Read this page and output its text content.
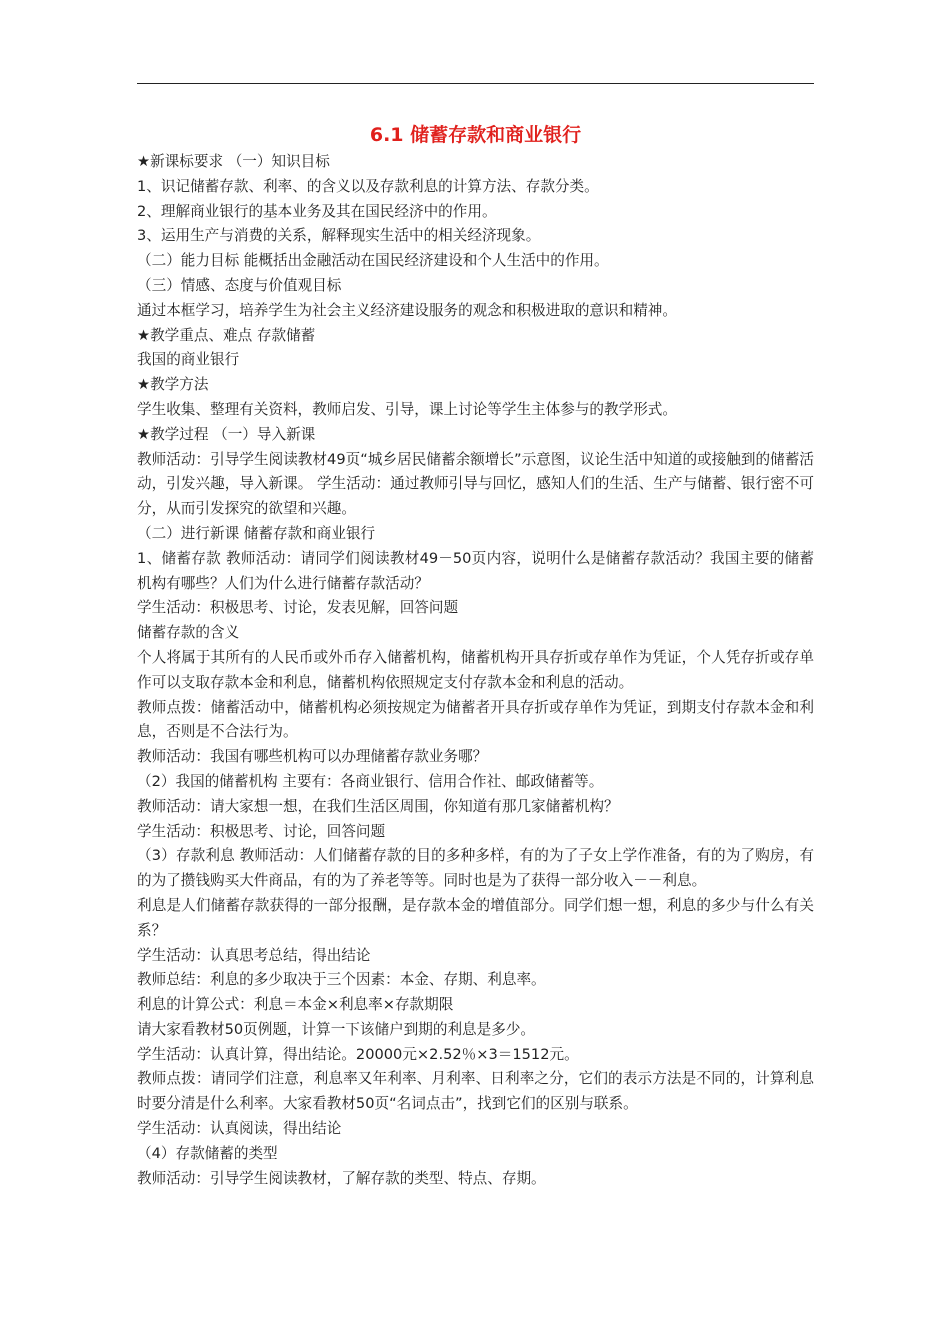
6.1 储蓄存款和商业银行

★新课标要求 （一）知识目标

1、识记储蓄存款、利率、的含义以及存款利息的计算方法、存款分类。

2、理解商业银行的基本业务及其在国民经济中的作用。

3、运用生产与消费的关系，解释现实生活中的相关经济现象。

（二）能力目标 能概括出金融活动在国民经济建设和个人生活中的作用。

（三）情感、态度与价值观目标

通过本框学习，培养学生为社会主义经济建设服务的观念和积极进取的意识和精神。

★教学重点、难点 存款储蓄

我国的商业银行

★教学方法

学生收集、整理有关资料，教师启发、引导，课上讨论等学生主体参与的教学形式。

★教学过程 （一）导入新课

教师活动：引导学生阅读教材49页“城乡居民储蓄余额增长”示意图，议论生活中知道的或接触到的储蓄活动，引发兴趣，导入新课。 学生活动：通过教师引导与回忆，感知人们的生活、生产与储蓄、银行密不可分，从而引发探究的欲望和兴趣。

（二）进行新课 储蓄存款和商业银行

1、储蓄存款 教师活动：请同学们阅读教材49－50页内容，说明什么是储蓄存款活动？我国主要的储蓄机构有哪些？人们为什么进行储蓄存款活动？

学生活动：积极思考、讨论，发表见解，回答问题

储蓄存款的含义

个人将属于其所有的人民币或外币存入储蓄机构，储蓄机构开具存折或存单作为凭证，个人凭存折或存单作可以支取存款本金和利息，储蓄机构依照规定支付存款本金和利息的活动。

教师点拨：储蓄活动中，储蓄机构必须按规定为储蓄者开具存折或存单作为凭证，到期支付存款本金和利息，否则是不合法行为。

教师活动：我国有哪些机构可以办理储蓄存款业务哪？

（2）我国的储蓄机构 主要有：各商业银行、信用合作社、邮政储蓄等。

教师活动：请大家想一想，在我们生活区周围，你知道有那几家储蓄机构？

学生活动：积极思考、讨论，回答问题

（3）存款利息 教师活动：人们储蓄存款的目的多种多样，有的为了子女上学作准备，有的为了购房，有的为了攒钱购买大件商品，有的为了养老等等。同时也是为了获得一部分收入－－利息。

利息是人们储蓄存款获得的一部分报酬，是存款本金的增值部分。同学们想一想，利息的多少与什么有关系？

学生活动：认真思考总结，得出结论

教师总结：利息的多少取决于三个因素：本金、存期、利息率。

利息的计算公式：利息＝本金×利息率×存款期限

请大家看教材50页例题，计算一下该储户到期的利息是多少。

学生活动：认真计算，得出结论。20000元×2.52％×3＝1512元。

教师点拨：请同学们注意，利息率又年利率、月利率、日利率之分，它们的表示方法是不同的，计算利息时要分清是什么利率。大家看教材50页“名词点击”，找到它们的区别与联系。

学生活动：认真阅读，得出结论

（4）存款储蓄的类型

教师活动：引导学生阅读教材，了解存款的类型、特点、存期。
